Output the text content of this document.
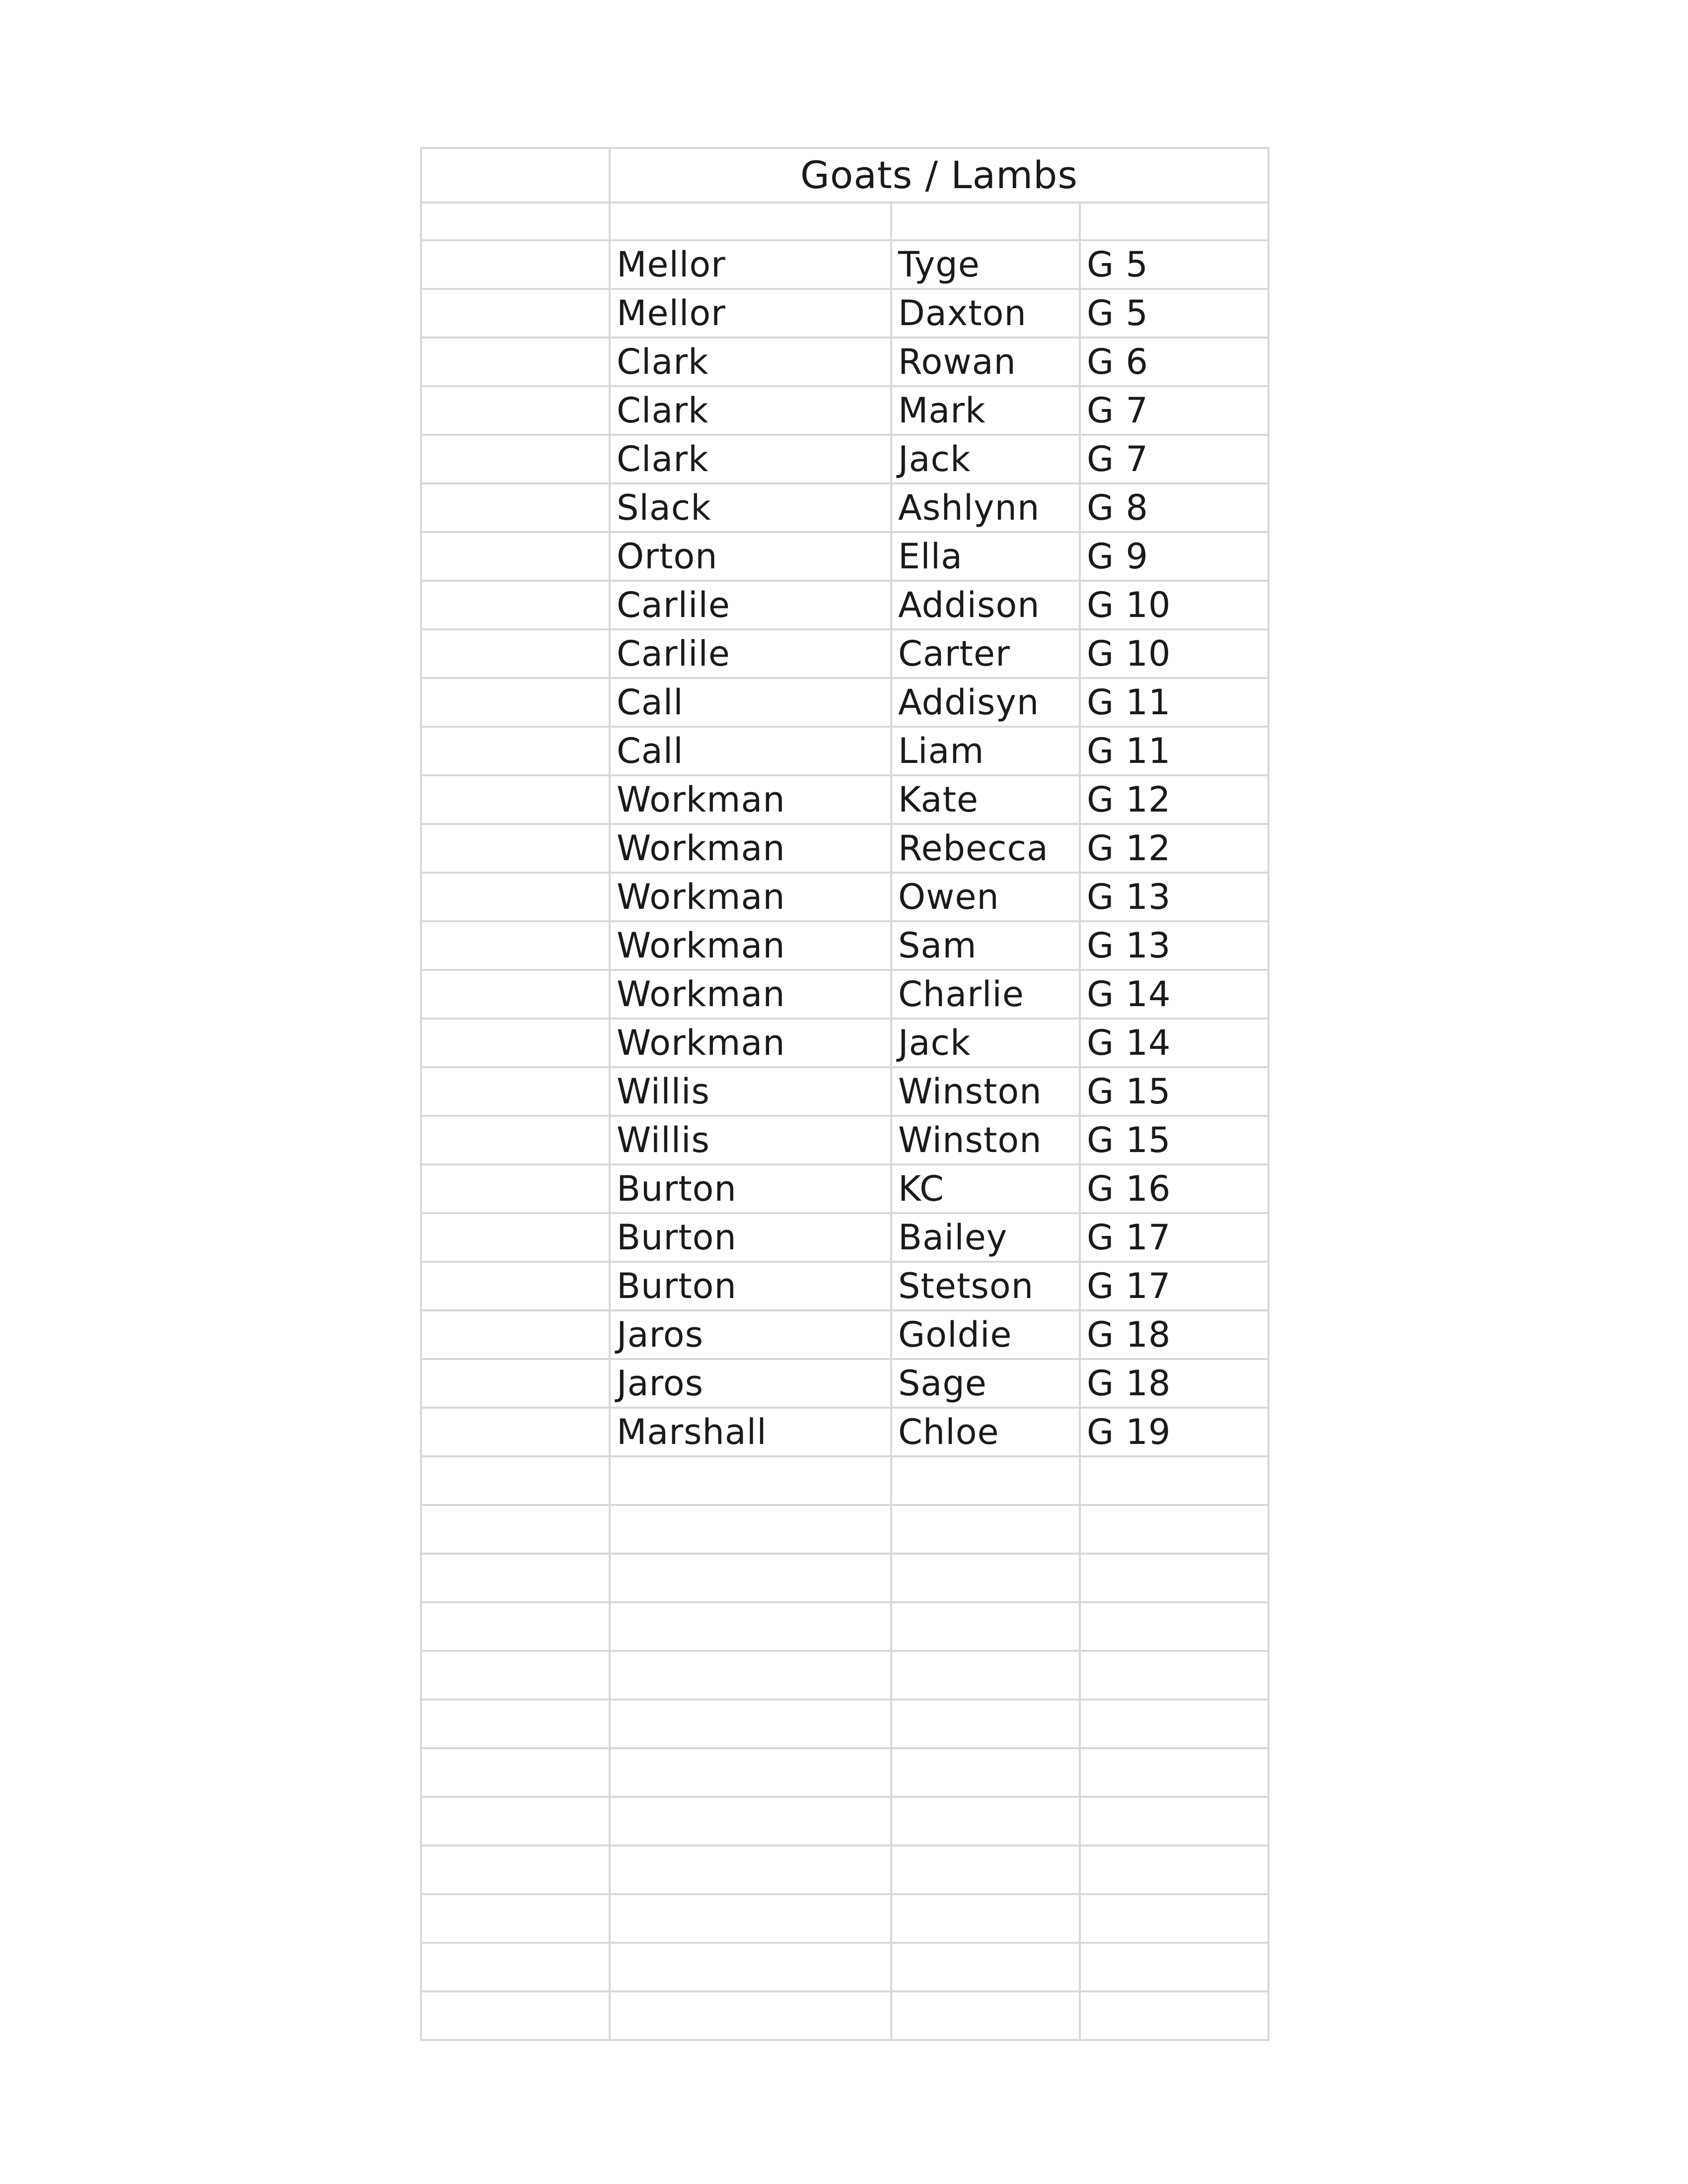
	Goats / Lambs		

	Mellor	Tyge	G 5
	Mellor	Daxton	G 5
	Clark	Rowan	G 6
	Clark	Mark	G 7
	Clark	Jack	G 7
	Slack	Ashlynn	G 8
	Orton	Ella	G 9
	Carlile	Addison	G 10
	Carlile	Carter	G 10
	Call	Addisyn	G 11
	Call	Liam	G 11
	Workman	Kate	G 12
	Workman	Rebecca	G 12
	Workman	Owen	G 13
	Workman	Sam	G 13
	Workman	Charlie	G 14
	Workman	Jack	G 14
	Willis	Winston	G 15
	Willis	Winston	G 15
	Burton	KC	G 16
	Burton	Bailey	G 17
	Burton	Stetson	G 17
	Jaros	Goldie	G 18
	Jaros	Sage	G 18
	Marshall	Chloe	G 19
